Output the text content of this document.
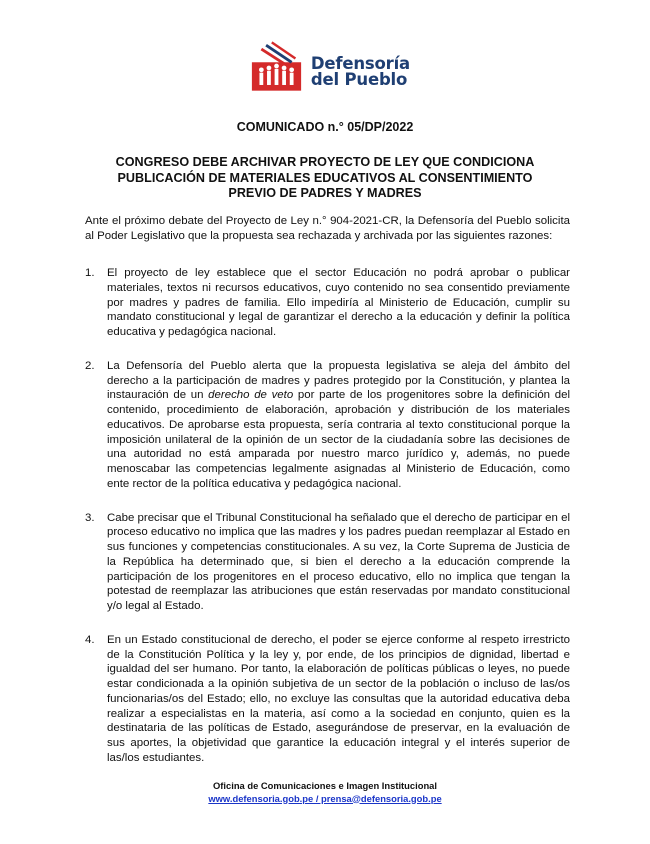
Defensoría
del Pueblo
COMUNICADO n.° 05/DP/2022
CONGRESO DEBE ARCHIVAR PROYECTO DE LEY QUE CONDICIONA PUBLICACIÓN DE MATERIALES EDUCATIVOS AL CONSENTIMIENTO PREVIO DE PADRES Y MADRES
Ante el próximo debate del Proyecto de Ley n.° 904-2021-CR, la Defensoría del Pueblo solicita al Poder Legislativo que la propuesta sea rechazada y archivada por las siguientes razones:
1.	El proyecto de ley establece que el sector Educación no podrá aprobar o publicar materiales, textos ni recursos educativos, cuyo contenido no sea consentido previamente por madres y padres de familia. Ello impediría al Ministerio de Educación, cumplir su mandato constitucional y legal de garantizar el derecho a la educación y definir la política educativa y pedagógica nacional.
2.	La Defensoría del Pueblo alerta que la propuesta legislativa se aleja del ámbito del derecho a la participación de madres y padres protegido por la Constitución, y plantea la instauración de un derecho de veto por parte de los progenitores sobre la definición del contenido, procedimiento de elaboración, aprobación y distribución de los materiales educativos. De aprobarse esta propuesta, sería contraria al texto constitucional porque la imposición unilateral de la opinión de un sector de la ciudadanía sobre las decisiones de una autoridad no está amparada por nuestro marco jurídico y, además, no puede menoscabar las competencias legalmente asignadas al Ministerio de Educación, como ente rector de la política educativa y pedagógica nacional.
3.	Cabe precisar que el Tribunal Constitucional ha señalado que el derecho de participar en el proceso educativo no implica que las madres y los padres puedan reemplazar al Estado en sus funciones y competencias constitucionales. A su vez, la Corte Suprema de Justicia de la República ha determinado que, si bien el derecho a la educación comprende la participación de los progenitores en el proceso educativo, ello no implica que tengan la potestad de reemplazar las atribuciones que están reservadas por mandato constitucional y/o legal al Estado.
4.	En un Estado constitucional de derecho, el poder se ejerce conforme al respeto irrestricto de la Constitución Política y la ley y, por ende, de los principios de dignidad, libertad e igualdad del ser humano. Por tanto, la elaboración de políticas públicas o leyes, no puede estar condicionada a la opinión subjetiva de un sector de la población o incluso de las/os funcionarias/os del Estado; ello, no excluye las consultas que la autoridad educativa deba realizar a especialistas en la materia, así como a la sociedad en conjunto, quien es la destinataria de las políticas de Estado, asegurándose de preservar, en la evaluación de sus aportes, la objetividad que garantice la educación integral y el interés superior de las/los estudiantes.
Oficina de Comunicaciones e Imagen Institucional
www.defensoria.gob.pe / prensa@defensoria.gob.pe
